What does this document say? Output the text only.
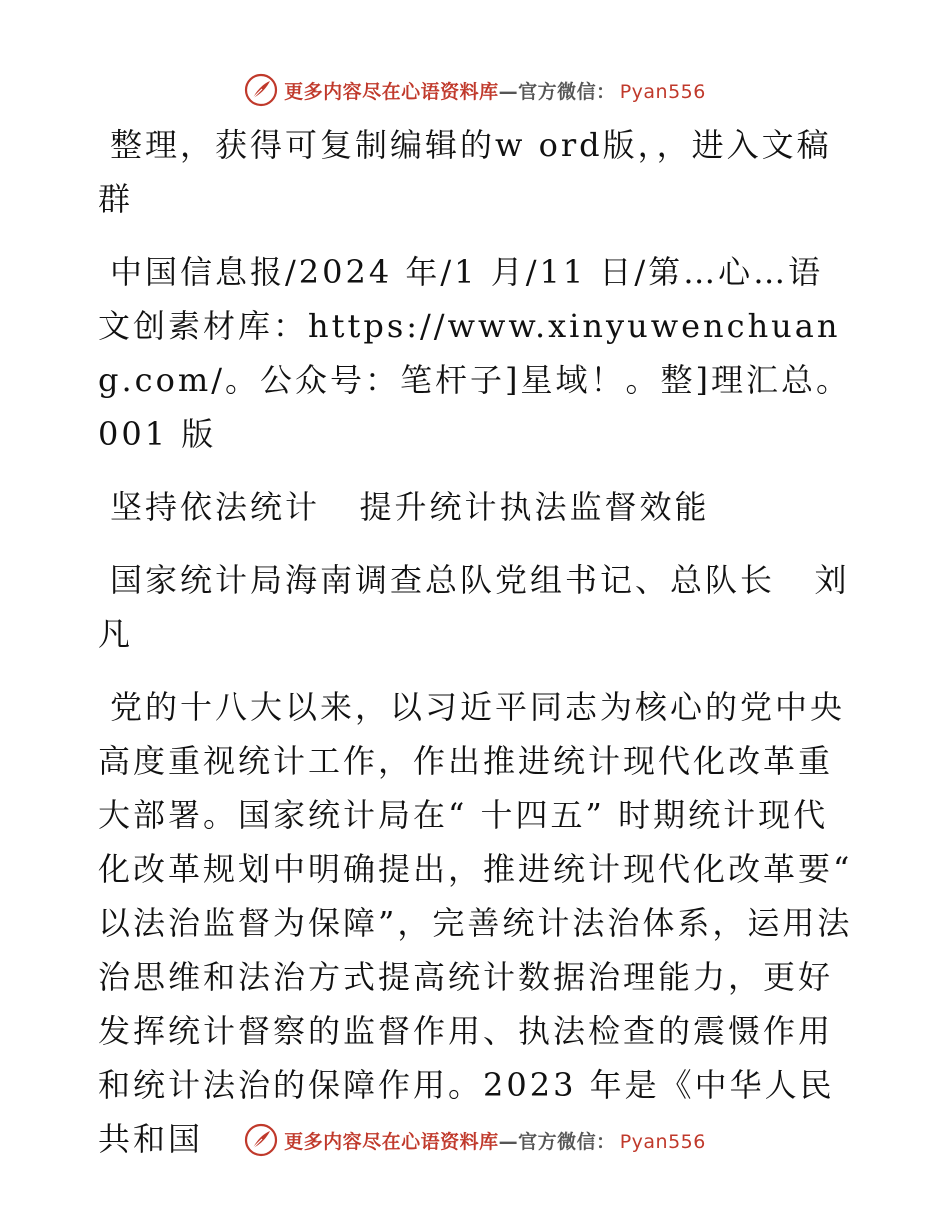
更多内容尽在心语资料库—官方微信： Pyan556

整理，获得可复制编辑的w ord版，，进入文稿群

中国信息报/2024 年/1 月/11 日/第…心…语文创素材库：https://www.xinyuwenchuang.com/。公众号：笔杆子]星域！。整]理汇总。 001 版

坚持依法统计   提升统计执法监督效能

国家统计局海南调查总队党组书记、总队长   刘凡

党的十八大以来，以习近平同志为核心的党中央高度重视统计工作，作出推进统计现代化改革重大部署。国家统计局在“ 十四五” 时期统计现代化改革规划中明确提出，推进统计现代化改革要“ 以法治监督为保障”，完善统计法治体系，运用法治思维和法治方式提高统计数据治理能力，更好发挥统计督察的监督作用、执法检查的震慑作用和统计法治的保障作用。2023 年是《中华人民共和国	更多内容尽在心语资料库—官方微信： Pyan556
